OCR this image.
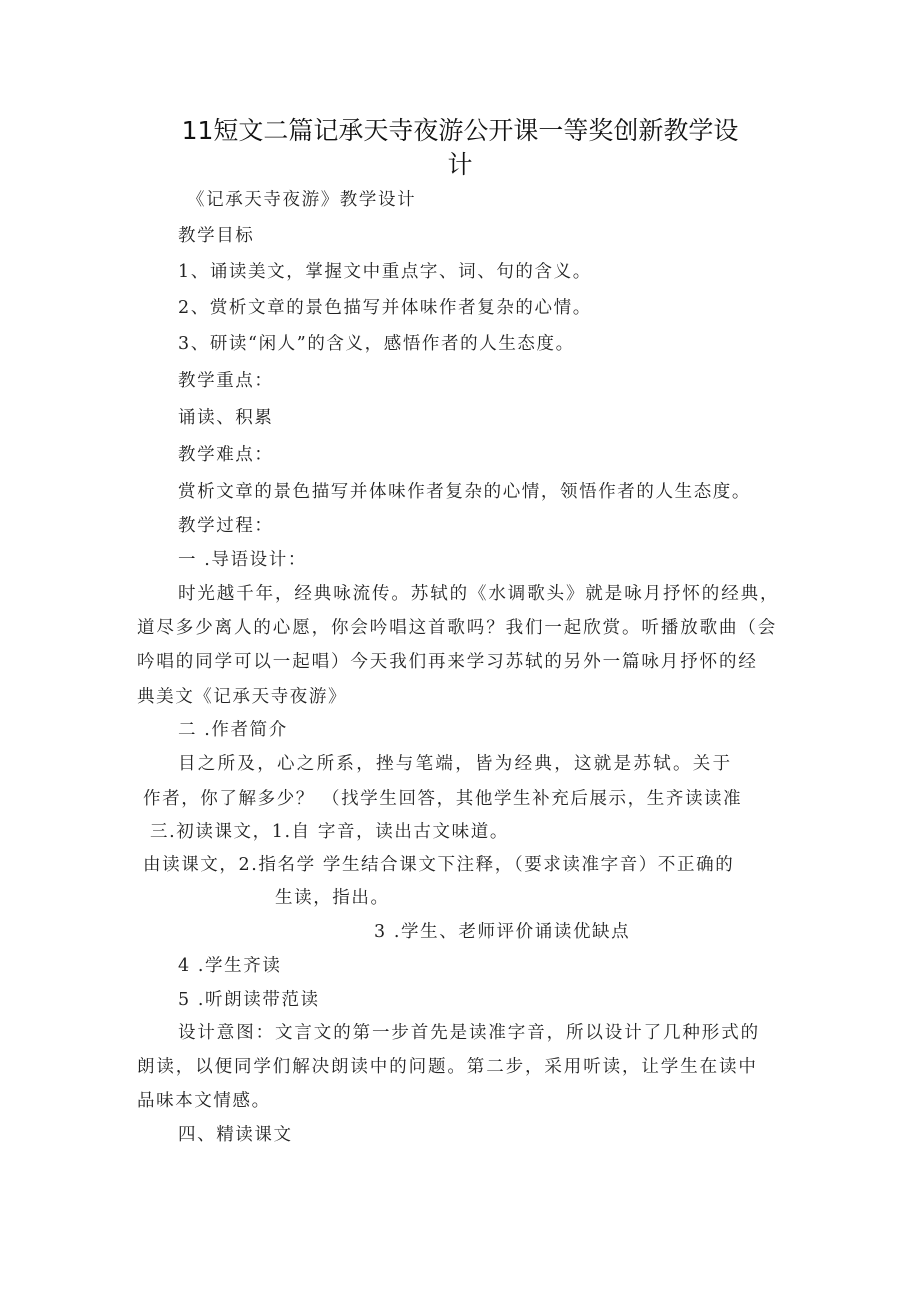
11短文二篇记承天寺夜游公开课一等奖创新教学设
计
《记承天寺夜游》教学设计
教学目标
1、诵读美文，掌握文中重点字、词、句的含义。
2、赏析文章的景色描写并体味作者复杂的心情。
3、研读“闲人”的含义，感悟作者的人生态度。
教学重点：
诵读、积累
教学难点：
赏析文章的景色描写并体味作者复杂的心情，领悟作者的人生态度。
教学过程：
一 .导语设计：
时光越千年，经典咏流传。苏轼的《水调歌头》就是咏月抒怀的经典，
道尽多少离人的心愿，你会吟唱这首歌吗？我们一起欣赏。听播放歌曲（会
吟唱的同学可以一起唱）今天我们再来学习苏轼的另外一篇咏月抒怀的经
典美文《记承天寺夜游》
二 .作者简介
目之所及，心之所系，挫与笔端，皆为经典，这就是苏轼。关于
作者，你了解多少？ （找学生回答，其他学生补充后展示，生齐读读准
三.初读课文，1.自 字音，读出古文味道。
由读课文，2.指名学 学生结合课文下注释，（要求读准字音）不正确的
生读，指出。
3 .学生、老师评价诵读优缺点
4 .学生齐读
5 .听朗读带范读
设计意图：文言文的第一步首先是读准字音，所以设计了几种形式的
朗读，以便同学们解决朗读中的问题。第二步，采用听读，让学生在读中
品味本文情感。
四、精读课文
